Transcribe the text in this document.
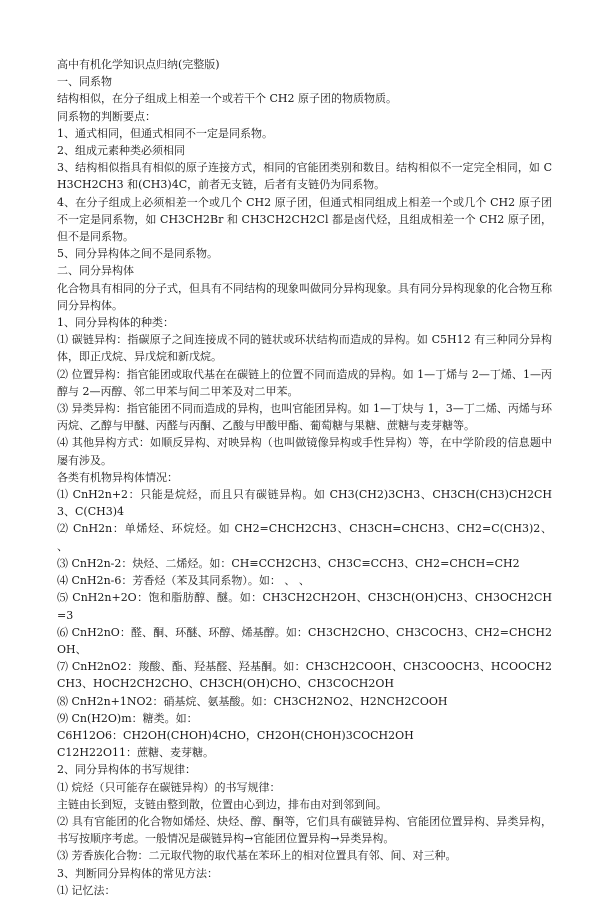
高中有机化学知识点归纳(完整版)
一、同系物
结构相似，在分子组成上相差一个或若干个 CH2 原子团的物质物质。
同系物的判断要点：
1、通式相同，但通式相同不一定是同系物。
2、组成元素种类必须相同
3、结构相似指具有相似的原子连接方式，相同的官能团类别和数目。结构相似不一定完全相同，如 CH3CH2CH3 和(CH3)4C，前者无支链，后者有支链仍为同系物。
4、在分子组成上必须相差一个或几个 CH2 原子团，但通式相同组成上相差一个或几个 CH2 原子团不一定是同系物，如 CH3CH2Br 和 CH3CH2CH2Cl 都是卤代烃，且组成相差一个 CH2 原子团，但不是同系物。
5、同分异构体之间不是同系物。
二、同分异构体
化合物具有相同的分子式，但具有不同结构的现象叫做同分异构现象。具有同分异构现象的化合物互称同分异构体。
1、同分异构体的种类：
⑴ 碳链异构：指碳原子之间连接成不同的链状或环状结构而造成的异构。如 C5H12 有三种同分异构体，即正戊烷、异戊烷和新戊烷。
⑵ 位置异构：指官能团或取代基在在碳链上的位置不同而造成的异构。如 1—丁烯与 2—丁烯、1—丙醇与 2—丙醇、邻二甲苯与间二甲苯及对二甲苯。
⑶ 异类异构：指官能团不同而造成的异构，也叫官能团异构。如 1—丁炔与 1，3—丁二烯、丙烯与环丙烷、乙醇与甲醚、丙醛与丙酮、乙酸与甲酸甲酯、葡萄糖与果糖、蔗糖与麦芽糖等。
⑷ 其他异构方式：如顺反异构、对映异构（也叫做镜像异构或手性异构）等，在中学阶段的信息题中屡有涉及。
各类有机物异构体情况：
⑴ CnH2n+2：只能是烷烃，而且只有碳链异构。如 CH3(CH2)3CH3、CH3CH(CH3)CH2CH3、C(CH3)4
⑵ CnH2n：单烯烃、环烷烃。如 CH2=CHCH2CH3、CH3CH=CHCH3、CH2=C(CH3)2、 、
⑶ CnH2n-2：炔烃、二烯烃。如：CH≡CCH2CH3、CH3C≡CCH3、CH2=CHCH=CH2
⑷ CnH2n-6：芳香烃（苯及其同系物）。如： 、 、
⑸ CnH2n+2O：饱和脂肪醇、醚。如：CH3CH2CH2OH、CH3CH(OH)CH3、CH3OCH2CH=3
⑹ CnH2nO：醛、酮、环醚、环醇、烯基醇。如：CH3CH2CHO、CH3COCH3、CH2=CHCH2OH、
⑺ CnH2nO2：羧酸、酯、羟基醛、羟基酮。如：CH3CH2COOH、CH3COOCH3、HCOOCH2CH3、HOCH2CH2CHO、CH3CH(OH)CHO、CH3COCH2OH
⑻ CnH2n+1NO2：硝基烷、氨基酸。如：CH3CH2NO2、H2NCH2COOH
⑼ Cn(H2O)m：糖类。如：
C6H12O6：CH2OH(CHOH)4CHO，CH2OH(CHOH)3COCH2OH
C12H22O11：蔗糖、麦芽糖。
2、同分异构体的书写规律：
⑴ 烷烃（只可能存在碳链异构）的书写规律：
主链由长到短，支链由整到散，位置由心到边，排布由对到邻到间。
⑵ 具有官能团的化合物如烯烃、炔烃、醇、酮等，它们具有碳链异构、官能团位置异构、异类异构，书写按顺序考虑。一般情况是碳链异构→官能团位置异构→异类异构。
⑶ 芳香族化合物：二元取代物的取代基在苯环上的相对位置具有邻、间、对三种。
3、判断同分异构体的常见方法：
⑴ 记忆法：
